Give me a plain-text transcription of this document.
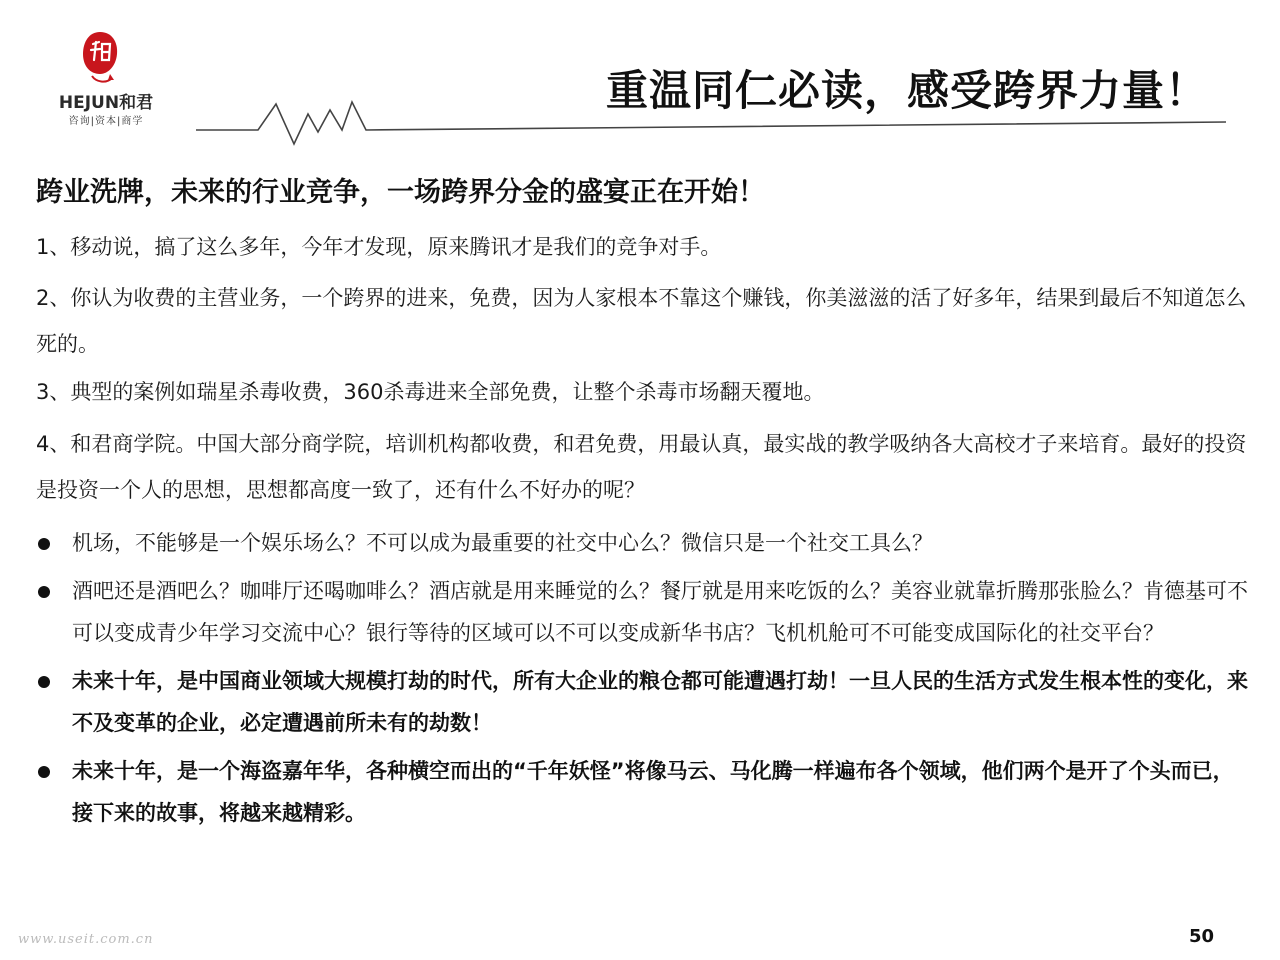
HEJUN和君
咨询|资本|商学
重温同仁必读，感受跨界力量！
跨业洗牌，未来的行业竞争，一场跨界分金的盛宴正在开始！
1、移动说，搞了这么多年，今年才发现，原来腾讯才是我们的竞争对手。
2、你认为收费的主营业务，一个跨界的进来，免费，因为人家根本不靠这个赚钱，你美滋滋的活了好多年，结果到最后不知道怎么死的。
3、典型的案例如瑞星杀毒收费，360杀毒进来全部免费，让整个杀毒市场翻天覆地。
4、和君商学院。中国大部分商学院，培训机构都收费，和君免费，用最认真，最实战的教学吸纳各大高校才子来培育。最好的投资是投资一个人的思想，思想都高度一致了，还有什么不好办的呢？
机场，不能够是一个娱乐场么？不可以成为最重要的社交中心么？微信只是一个社交工具么？
酒吧还是酒吧么？咖啡厅还喝咖啡么？酒店就是用来睡觉的么？餐厅就是用来吃饭的么？美容业就靠折腾那张脸么？肯德基可不可以变成青少年学习交流中心？银行等待的区域可以不可以变成新华书店？飞机机舱可不可能变成国际化的社交平台？
未来十年，是中国商业领域大规模打劫的时代，所有大企业的粮仓都可能遭遇打劫！一旦人民的生活方式发生根本性的变化，来不及变革的企业，必定遭遇前所未有的劫数！
未来十年，是一个海盗嘉年华，各种横空而出的“千年妖怪”将像马云、马化腾一样遍布各个领域，他们两个是开了个头而已，接下来的故事，将越来越精彩。
50
www.useit.com.cn
